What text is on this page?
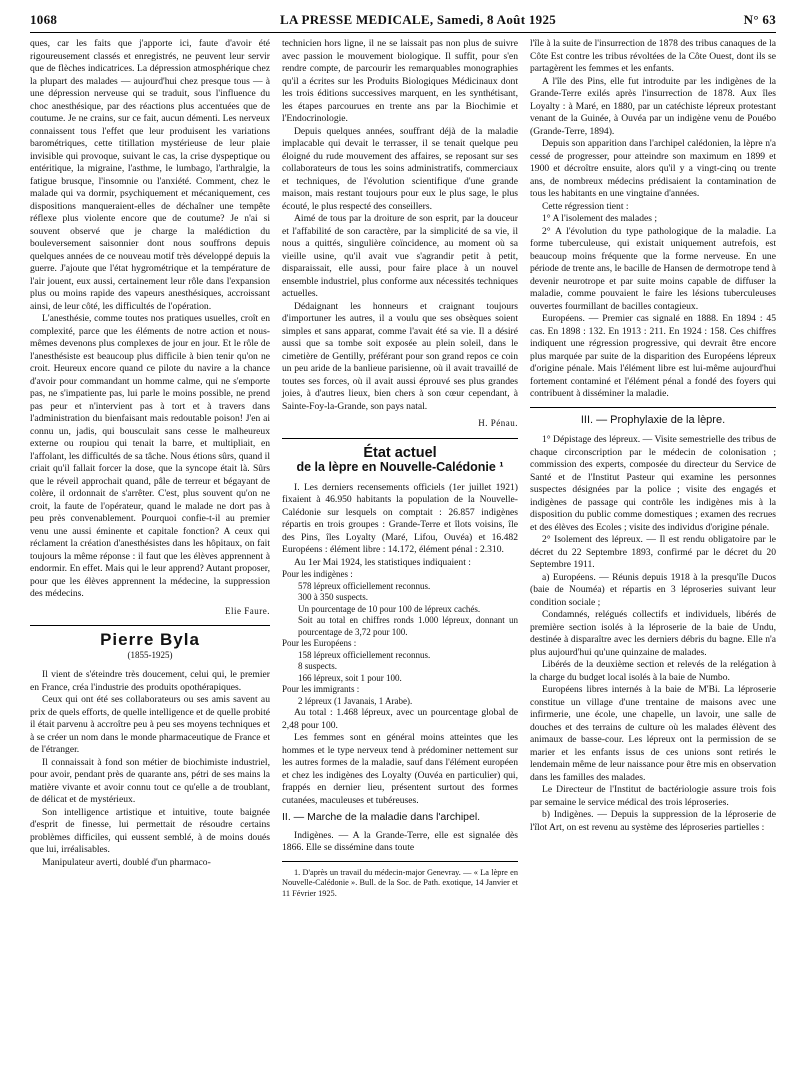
1068	LA PRESSE MEDICALE, Samedi, 8 Août 1925	N° 63

ques, car les faits que j'apporte ici, faute d'avoir été rigoureusement classés et enregistrés, ne peuvent leur servir que de flèches indicatrices. La dépression atmosphérique chez la plupart des malades — aujourd'hui chez presque tous — à une dépression nerveuse qui se traduit, sous l'influence du choc anesthésique, par des réactions plus accentuées que de coutume. Je ne crains, sur ce fait, aucun démenti. Les nerveux connaissent tous l'effet que leur produisent les variations barométriques, cette titillation mystérieuse de leur plaie invisible qui provoque, suivant le cas, la crise dyspeptique ou entéritique, la migraine, l'asthme, le lumbago, l'arthralgie, la fatigue brusque, l'insomnie ou l'anxiété. Comment, chez le malade qui va dormir, psychiquement et mécaniquement, ces dispositions manqueraient-elles de déchaîner une tempête réflexe plus violente encore que de coutume? Je n'ai si souvent observé que je charge la malédiction du bouleversement saisonnier dont nous souffrons depuis quelques années de ce nouveau motif très développé depuis la guerre. J'ajoute que l'état hygrométrique et la température de l'air jouent, eux aussi, certainement leur rôle dans l'expansion plus ou moins rapide des vapeurs anesthésiques, accroissant ainsi, de leur côté, les difficultés de l'opération.

L'anesthésie, comme toutes nos pratiques usuelles, croît en complexité, parce que les éléments de notre action et nous-mêmes devenons plus complexes de jour en jour. Et le rôle de l'anesthésiste est beaucoup plus difficile à bien tenir qu'on ne croit. Heureux encore quand ce pilote du navire a la chance d'avoir pour commandant un homme calme, qui ne s'emporte pas, ne s'impatiente pas, lui parle le moins possible, ne prend pas peur et n'intervient pas à tort et à travers dans l'administration du bienfaisant mais redoutable poison! J'en ai connu un, jadis, qui bousculait sans cesse le malheureux externe ou roupiou qui tenait la barre, et multipliait, en l'affolant, les difficultés de sa tâche. Nous étions sûrs, quand il criait qu'il fallait forcer la dose, que la syncope était là. Sûrs que le réveil approchait quand, pâle de terreur et bégayant de colère, il ordonnait de s'arrêter. C'est, plus souvent qu'on ne croit, la faute de l'opérateur, quand le malade ne dort pas à peu près convenablement. Pourquoi confie-t-il au premier venu une aussi éminente et capitale fonction? A ceux qui réclament la création d'anesthésistes dans les hôpitaux, on fait toujours la même réponse : il faut que les élèves apprennent à endormir. En effet. Mais qui le leur apprend? Autant proposer, pour que les élèves apprennent la médecine, la suppression des médecins.

Elie Faure.

Pierre Byla
(1855-1925)

Il vient de s'éteindre très doucement, celui qui, le premier en France, créa l'industrie des produits opothérapiques.

Ceux qui ont été ses collaborateurs ou ses amis savent au prix de quels efforts, de quelle intelligence et de quelle probité il était parvenu à accroître peu à peu ses moyens techniques et à se créer un nom dans le monde pharmaceutique de France et de l'étranger.

Il connaissait à fond son métier de biochimiste industriel, pour avoir, pendant près de quarante ans, pétri de ses mains la matière vivante et avoir connu tout ce qu'elle a de troublant, de délicat et de mystérieux.

Son intelligence artistique et intuitive, toute baignée d'esprit de finesse, lui permettait de résoudre certains problèmes difficiles, qui eussent semblé, à de moins doués que lui, irréalisables.

Manipulateur averti, doublé d'un pharmaco-

technicien hors ligne, il ne se laissait pas non plus de suivre avec passion le mouvement biologique. Il suffit, pour s'en rendre compte, de parcourir les remarquables monographies qu'il a écrites sur les Produits Biologiques Médicinaux dont les trois éditions successives marquent, en les synthétisant, les étapes parcourues en trente ans par la Biochimie et l'Endocrinologie.

Depuis quelques années, souffrant déjà de la maladie implacable qui devait le terrasser, il se tenait quelque peu éloigné du rude mouvement des affaires, se reposant sur ses collaborateurs de tous les soins administratifs, commerciaux et techniques, de l'évolution scientifique d'une grande maison, mais restant toujours pour eux le plus sage, le plus écouté, le plus respecté des conseillers.

Aimé de tous par la droiture de son esprit, par la douceur et l'affabilité de son caractère, par la simplicité de sa vie, il nous a quittés, singulière coïncidence, au moment où sa vieille usine, qu'il avait vue s'agrandir petit à petit, disparaissait, elle aussi, pour faire place à un nouvel ensemble industriel, plus conforme aux nécessités techniques actuelles.

Dédaignant les honneurs et craignant toujours d'importuner les autres, il a voulu que ses obsèques soient simples et sans apparat, comme l'avait été sa vie. Il a désiré aussi que sa tombe soit exposée au plein soleil, dans le cimetière de Gentilly, préférant pour son grand repos ce coin un peu aride de la banlieue parisienne, où il avait travaillé de toutes ses forces, où il avait aussi éprouvé ses plus grandes joies, à d'autres lieux, bien chers à son cœur cependant, à Sainte-Foy-la-Grande, son pays natal.

H. Pénau.

État actuel
de la lèpre en Nouvelle-Calédonie ¹

I. Les derniers recensements officiels (1er juillet 1921) fixaient à 46.950 habitants la population de la Nouvelle-Calédonie sur lesquels on comptait : 26.857 indigènes répartis en trois groupes : Grande-Terre et îlots voisins, île des Pins, îles Loyalty (Maré, Lifou, Ouvéa) et 16.482 Européens : élément libre : 14.172, élément pénal : 2.310.

Au 1er Mai 1924, les statistiques indiquaient :

Pour les indigènes :

578 lépreux officiellement reconnus.

300 à 350 suspects.

Un pourcentage de 10 pour 100 de lépreux cachés.

Soit au total en chiffres ronds 1.000 lépreux, donnant un pourcentage de 3,72 pour 100.

Pour les Européens :

158 lépreux officiellement reconnus.

8 suspects.

166 lépreux, soit 1 pour 100.

Pour les immigrants :

2 lépreux (1 Javanais, 1 Arabe).

Au total : 1.468 lépreux, avec un pourcentage global de 2,48 pour 100.

Les femmes sont en général moins atteintes que les hommes et le type nerveux tend à prédominer nettement sur les autres formes de la maladie, sauf dans l'élément européen et chez les indigènes des Loyalty (Ouvéa en particulier) qui, frappés en dernier lieu, présentent surtout des formes cutanées, maculeuses et tubéreuses.

II. — Marche de la maladie dans l'archipel.

Indigènes. — A la Grande-Terre, elle est signalée dès 1866. Elle se dissémine dans toute

1. D'après un travail du médecin-major Genevray. — « La lèpre en Nouvelle-Calédonie ». Bull. de la Soc. de Path. exotique, 14 Janvier et 11 Février 1925.

l'île à la suite de l'insurrection de 1878 des tribus canaques de la Côte Est contre les tribus révoltées de la Côte Ouest, dont ils se partagèrent les femmes et les enfants.

A l'île des Pins, elle fut introduite par les indigènes de la Grande-Terre exilés après l'insurrection de 1878. Aux îles Loyalty : à Maré, en 1880, par un catéchiste lépreux protestant venant de la Guinée, à Ouvéa par un indigène venu de Pouébo (Grande-Terre, 1894).

Depuis son apparition dans l'archipel calédonien, la lèpre n'a cessé de progresser, pour atteindre son maximum en 1899 et 1900 et décroître ensuite, alors qu'il y a vingt-cinq ou trente ans, de nombreux médecins prédisaient la contamination de tous les habitants en une vingtaine d'années.

Cette régression tient :

1° A l'isolement des malades ;

2° A l'évolution du type pathologique de la maladie. La forme tuberculeuse, qui existait uniquement autrefois, est beaucoup moins fréquente que la forme nerveuse. En une période de trente ans, le bacille de Hansen de dermotrope tend à devenir neurotrope et par suite moins capable de diffuser la maladie, comme pouvaient le faire les lésions tuberculeuses ouvertes fourmillant de bacilles contagieux.

Européens. — Premier cas signalé en 1888. En 1894 : 45 cas. En 1898 : 132. En 1913 : 211. En 1924 : 158. Ces chiffres indiquent une régression progressive, qui devrait être encore plus marquée par suite de la disparition des Européens lépreux d'origine pénale. Mais l'élément libre est lui-même aujourd'hui fortement contaminé et l'élément pénal a fondé des foyers qui contribuent à disséminer la maladie.

III. — Prophylaxie de la lèpre.

1° Dépistage des lépreux. — Visite semestrielle des tribus de chaque circonscription par le médecin de colonisation ; commission des experts, composée du directeur du Service de Santé et de l'Institut Pasteur qui examine les personnes suspectes désignées par la police ; visite des engagés et indigènes de passage qui contrôle les indigènes mis à la disposition du public comme domestiques ; examen des recrues et des élèves des Ecoles ; visite des individus d'origine pénale.

2° Isolement des lépreux. — Il est rendu obligatoire par le décret du 22 Septembre 1893, confirmé par le décret du 20 Septembre 1911.

a) Européens. — Réunis depuis 1918 à la presqu'île Ducos (baie de Nouméa) et répartis en 3 léproseries suivant leur condition sociale ;

Condamnés, relégués collectifs et individuels, libérés de première section isolés à la léproserie de la baie de Undu, destinée à disparaître avec les derniers débris du bagne. Elle n'a plus aujourd'hui qu'une quinzaine de malades.

Libérés de la deuxième section et relevés de la relégation à la charge du budget local isolés à la baie de Numbo.

Européens libres internés à la baie de M'Bi. La léproserie constitue un village d'une trentaine de maisons avec une infirmerie, une école, une chapelle, un lavoir, une salle de douches et des terrains de culture où les malades élèvent des animaux de basse-cour. Les lépreux ont la permission de se marier et les enfants issus de ces unions sont retirés le lendemain même de leur naissance pour être mis en observation dans les familles des malades.

Le Directeur de l'Institut de bactériologie assure trois fois par semaine le service médical des trois léproseries.

b) Indigènes. — Depuis la suppression de la léproserie de l'îlot Art, on est revenu au système des léproseries partielles :
